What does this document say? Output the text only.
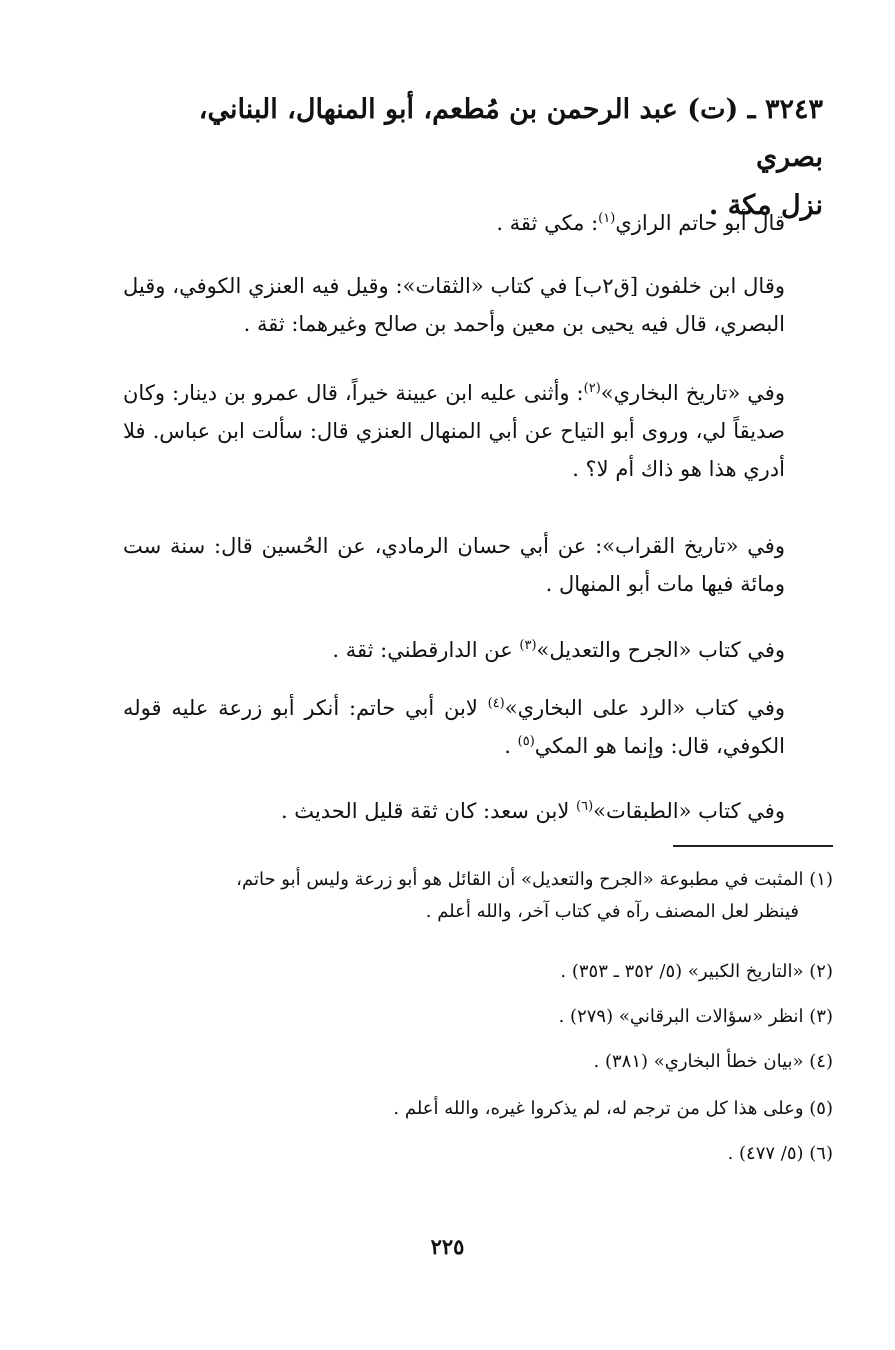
٣٢٤٣ ـ (ت) عبد الرحمن بن مُطعم، أبو المنهال، البناني، بصري
نزل مكة .
قال أبو حاتم الرازي$^{(١)}$: مكي ثقة .
وقال ابن خلفون [ق٢ب] في كتاب «الثقات»: وقيل فيه العنزي الكوفي، وقيل البصري، قال فيه يحيى بن معين وأحمد بن صالح وغيرهما: ثقة .
وفي «تاريخ البخاري»$^{(٢)}$: وأثنى عليه ابن عيينة خيراً، قال عمرو بن دينار: وكان صديقاً لي، وروى أبو التياح عن أبي المنهال العنزي قال: سألت ابن عباس. فلا أدري هذا هو ذاك أم لا؟ .
وفي «تاريخ القراب»: عن أبي حسان الرمادي، عن الحُسين قال: سنة ست ومائة فيها مات أبو المنهال .
وفي كتاب «الجرح والتعديل»$^{(٣)}$ عن الدارقطني: ثقة .
وفي كتاب «الرد على البخاري»$^{(٤)}$ لابن أبي حاتم: أنكر أبو زرعة عليه قوله الكوفي، قال: وإنما هو المكي$^{(٥)}$ .
وفي كتاب «الطبقات»$^{(٦)}$ لابن سعد: كان ثقة قليل الحديث .
(١) المثبت في مطبوعة «الجرح والتعديل» أن القائل هو أبو زرعة وليس أبو حاتم،
فينظر لعل المصنف رآه في كتاب آخر، والله أعلم .
(٢) «التاريخ الكبير» (٥/ ٣٥٢ ـ ٣٥٣) .
(٣) انظر «سؤالات البرقاني» (٢٧٩) .
(٤) «بيان خطأ البخاري» (٣٨١) .
(٥) وعلى هذا كل من ترجم له، لم يذكروا غيره، والله أعلم .
(٦) (٥/ ٤٧٧) .
٢٢٥
